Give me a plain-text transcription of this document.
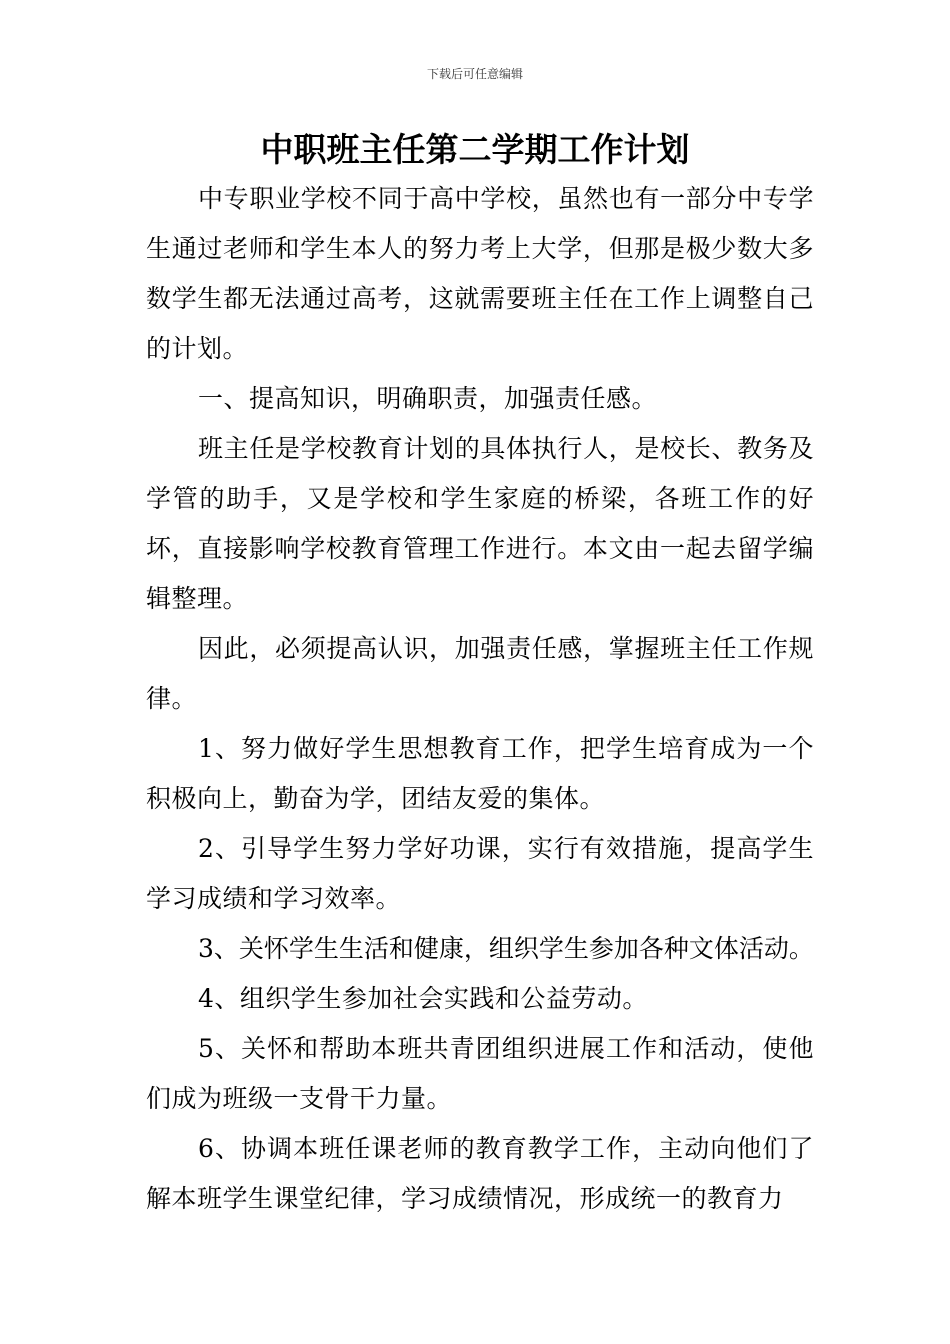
下载后可任意编辑
中职班主任第二学期工作计划

中专职业学校不同于高中学校，虽然也有一部分中专学生通过老师和学生本人的努力考上大学，但那是极少数大多数学生都无法通过高考，这就需要班主任在工作上调整自己的计划。

一、提高知识，明确职责，加强责任感。

班主任是学校教育计划的具体执行人，是校长、教务及学管的助手，又是学校和学生家庭的桥梁，各班工作的好坏，直接影响学校教育管理工作进行。本文由一起去留学编辑整理。

因此，必须提高认识，加强责任感，掌握班主任工作规律。

1、努力做好学生思想教育工作，把学生培育成为一个积极向上，勤奋为学，团结友爱的集体。

2、引导学生努力学好功课，实行有效措施，提高学生学习成绩和学习效率。

3、关怀学生生活和健康，组织学生参加各种文体活动。

4、组织学生参加社会实践和公益劳动。

5、关怀和帮助本班共青团组织进展工作和活动，使他们成为班级一支骨干力量。

6、协调本班任课老师的教育教学工作，主动向他们了解本班学生课堂纪律，学习成绩情况，形成统一的教育力
